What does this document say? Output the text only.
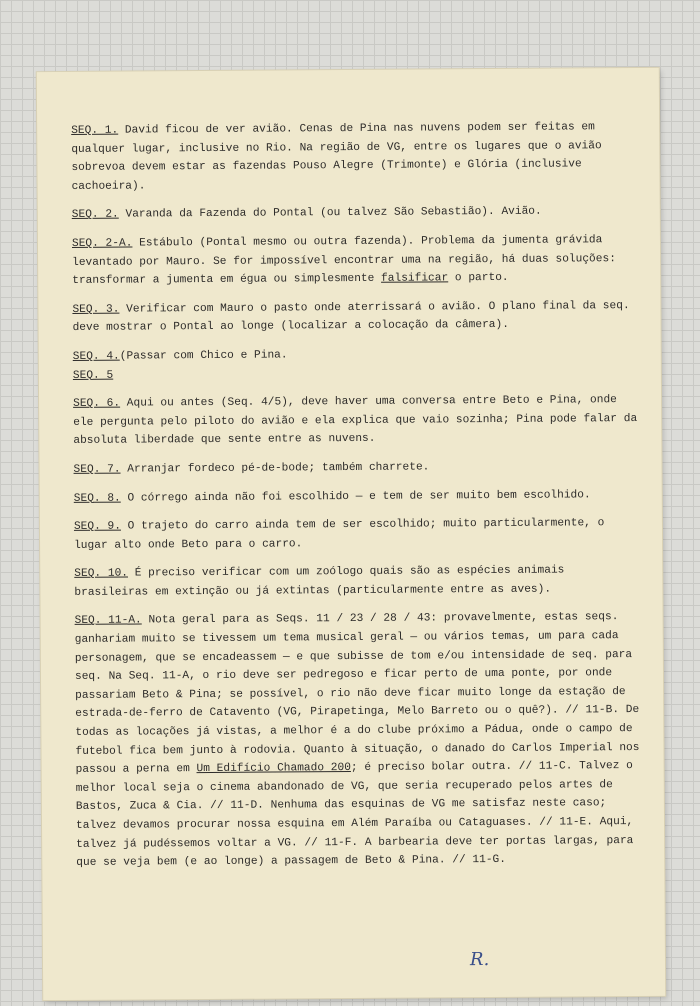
SEQ. 1. David ficou de ver avião. Cenas de Pina nas nuvens podem ser feitas em qualquer lugar, inclusive no Rio. Na região de VG, entre os lugares que o avião sobrevoa devem estar as fazendas Pouso Alegre (Trimonte) e Glória (inclusive cachoeira).

SEQ. 2. Varanda da Fazenda do Pontal (ou talvez São Sebastião). Avião.

SEQ. 2-A. Estábulo (Pontal mesmo ou outra fazenda). Problema da jumenta grávida levantado por Mauro. Se for impossível encontrar uma na região, há duas soluções: transformar a jumenta em égua ou simplesmente falsificar o parto.

SEQ. 3. Verificar com Mauro o pasto onde aterrissará o avião. O plano final da seq. deve mostrar o Pontal ao longe (localizar a colocação da câmera).

SEQ. 4.(Passar com Chico e Pina.
SEQ. 5

SEQ. 6. Aqui ou antes (Seq. 4/5), deve haver uma conversa entre Beto e Pina, onde ele pergunta pelo piloto do avião e ela explica que vaio sozinha; Pina pode falar da absoluta liberdade que sente entre as nuvens.

SEQ. 7. Arranjar fordeco pé-de-bode; também charrete.

SEQ. 8. O córrego ainda não foi escolhido — e tem de ser muito bem escolhido.

SEQ. 9. O trajeto do carro ainda tem de ser escolhido; muito particularmente, o lugar alto onde Beto para o carro.

SEQ. 10. É preciso verificar com um zoólogo quais são as espécies animais brasileiras em extinção ou já extintas (particularmente entre as aves).

SEQ. 11-A. Nota geral para as Seqs. 11 / 23 / 28 / 43: provavelmente, estas seqs. ganhariam muito se tivessem um tema musical geral — ou vários temas, um para cada personagem, que se encadeassem — e que subisse de tom e/ou intensidade de seq. para seq. Na Seq. 11-A, o rio deve ser pedregoso e ficar perto de uma ponte, por onde passariam Beto & Pina; se possível, o rio não deve ficar muito longe da estação de estrada-de-ferro de Catavento (VG, Pirapetinga, Melo Barreto ou o quê?). // 11-B. De todas as locações já vistas, a melhor é a do clube próximo a Pádua, onde o campo de futebol fica bem junto à rodovia. Quanto à situação, o danado do Carlos Imperial nos passou a perna em Um Edifício Chamado 200; é preciso bolar outra. // 11-C. Talvez o melhor local seja o cinema abandonado de VG, que seria recuperado pelos artes de Bastos, Zuca & Cia. // 11-D. Nenhuma das esquinas de VG me satisfaz neste caso; talvez devamos procurar nossa esquina em Além Paraíba ou Cataguases. // 11-E. Aqui, talvez já pudéssemos voltar a VG. // 11-F. A barbearia deve ter portas largas, para que se veja bem (e ao longe) a passagem de Beto & Pina. // 11-G.

R.
